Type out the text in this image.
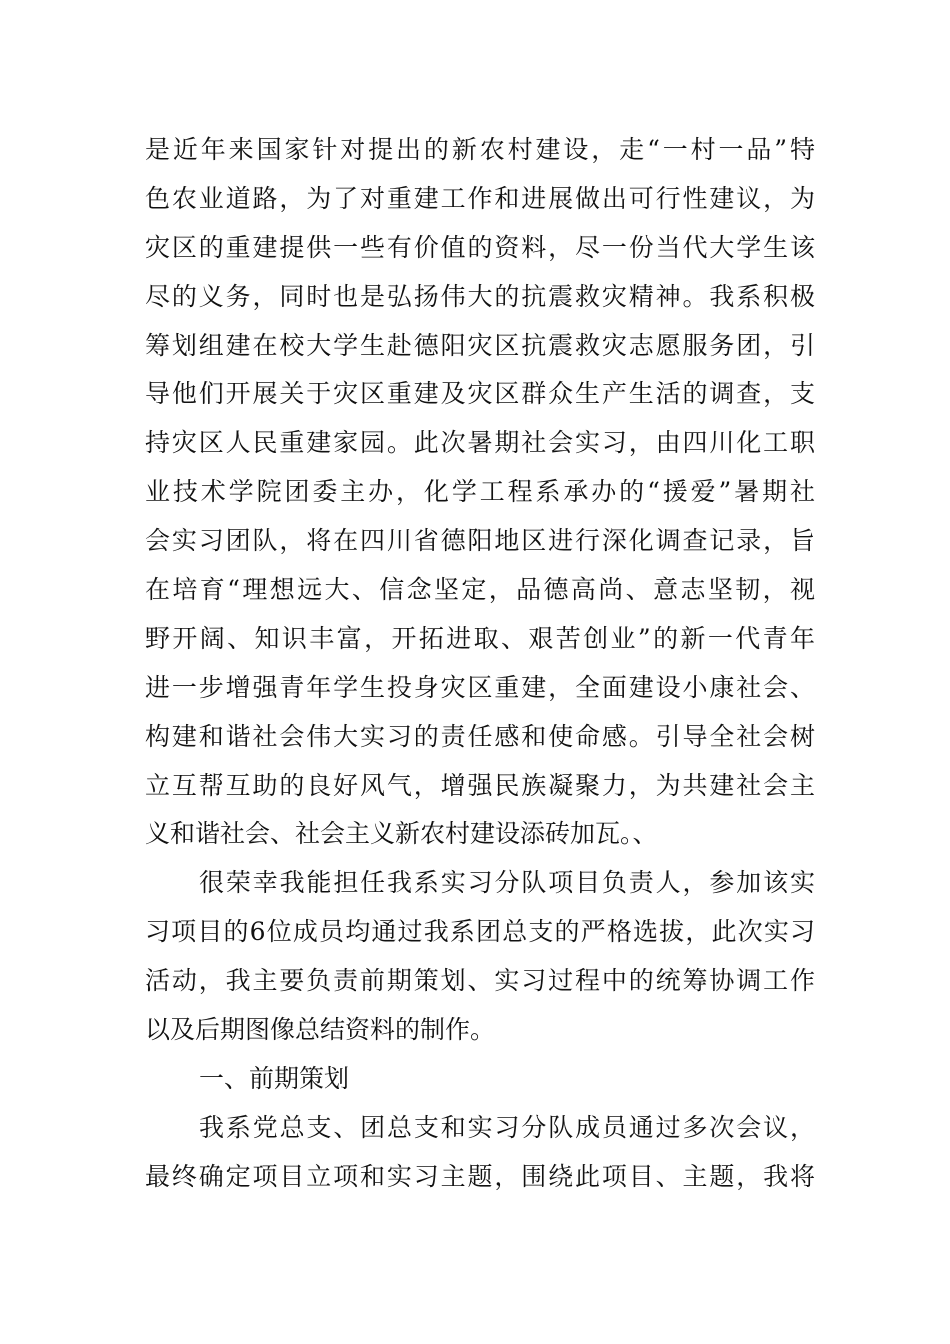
是近年来国家针对提出的新农村建设，走“一村一品”特
色农业道路，为了对重建工作和进展做出可行性建议，为
灾区的重建提供一些有价值的资料，尽一份当代大学生该
尽的义务，同时也是弘扬伟大的抗震救灾精神。我系积极
筹划组建在校大学生赴德阳灾区抗震救灾志愿服务团，引
导他们开展关于灾区重建及灾区群众生产生活的调查，支
持灾区人民重建家园。此次暑期社会实习，由四川化工职
业技术学院团委主办，化学工程系承办的“援爱”暑期社
会实习团队，将在四川省德阳地区进行深化调查记录，旨
在培育“理想远大、信念坚定，品德高尚、意志坚韧，视
野开阔、知识丰富，开拓进取、艰苦创业”的新一代青年
进一步增强青年学生投身灾区重建，全面建设小康社会、
构建和谐社会伟大实习的责任感和使命感。引导全社会树
立互帮互助的良好风气，增强民族凝聚力，为共建社会主
义和谐社会、社会主义新农村建设添砖加瓦。、
很荣幸我能担任我系实习分队项目负责人，参加该实
习项目的6位成员均通过我系团总支的严格选拔，此次实习
活动，我主要负责前期策划、实习过程中的统筹协调工作
以及后期图像总结资料的制作。
一、前期策划
我系党总支、团总支和实习分队成员通过多次会议，
最终确定项目立项和实习主题，围绕此项目、主题，我将
